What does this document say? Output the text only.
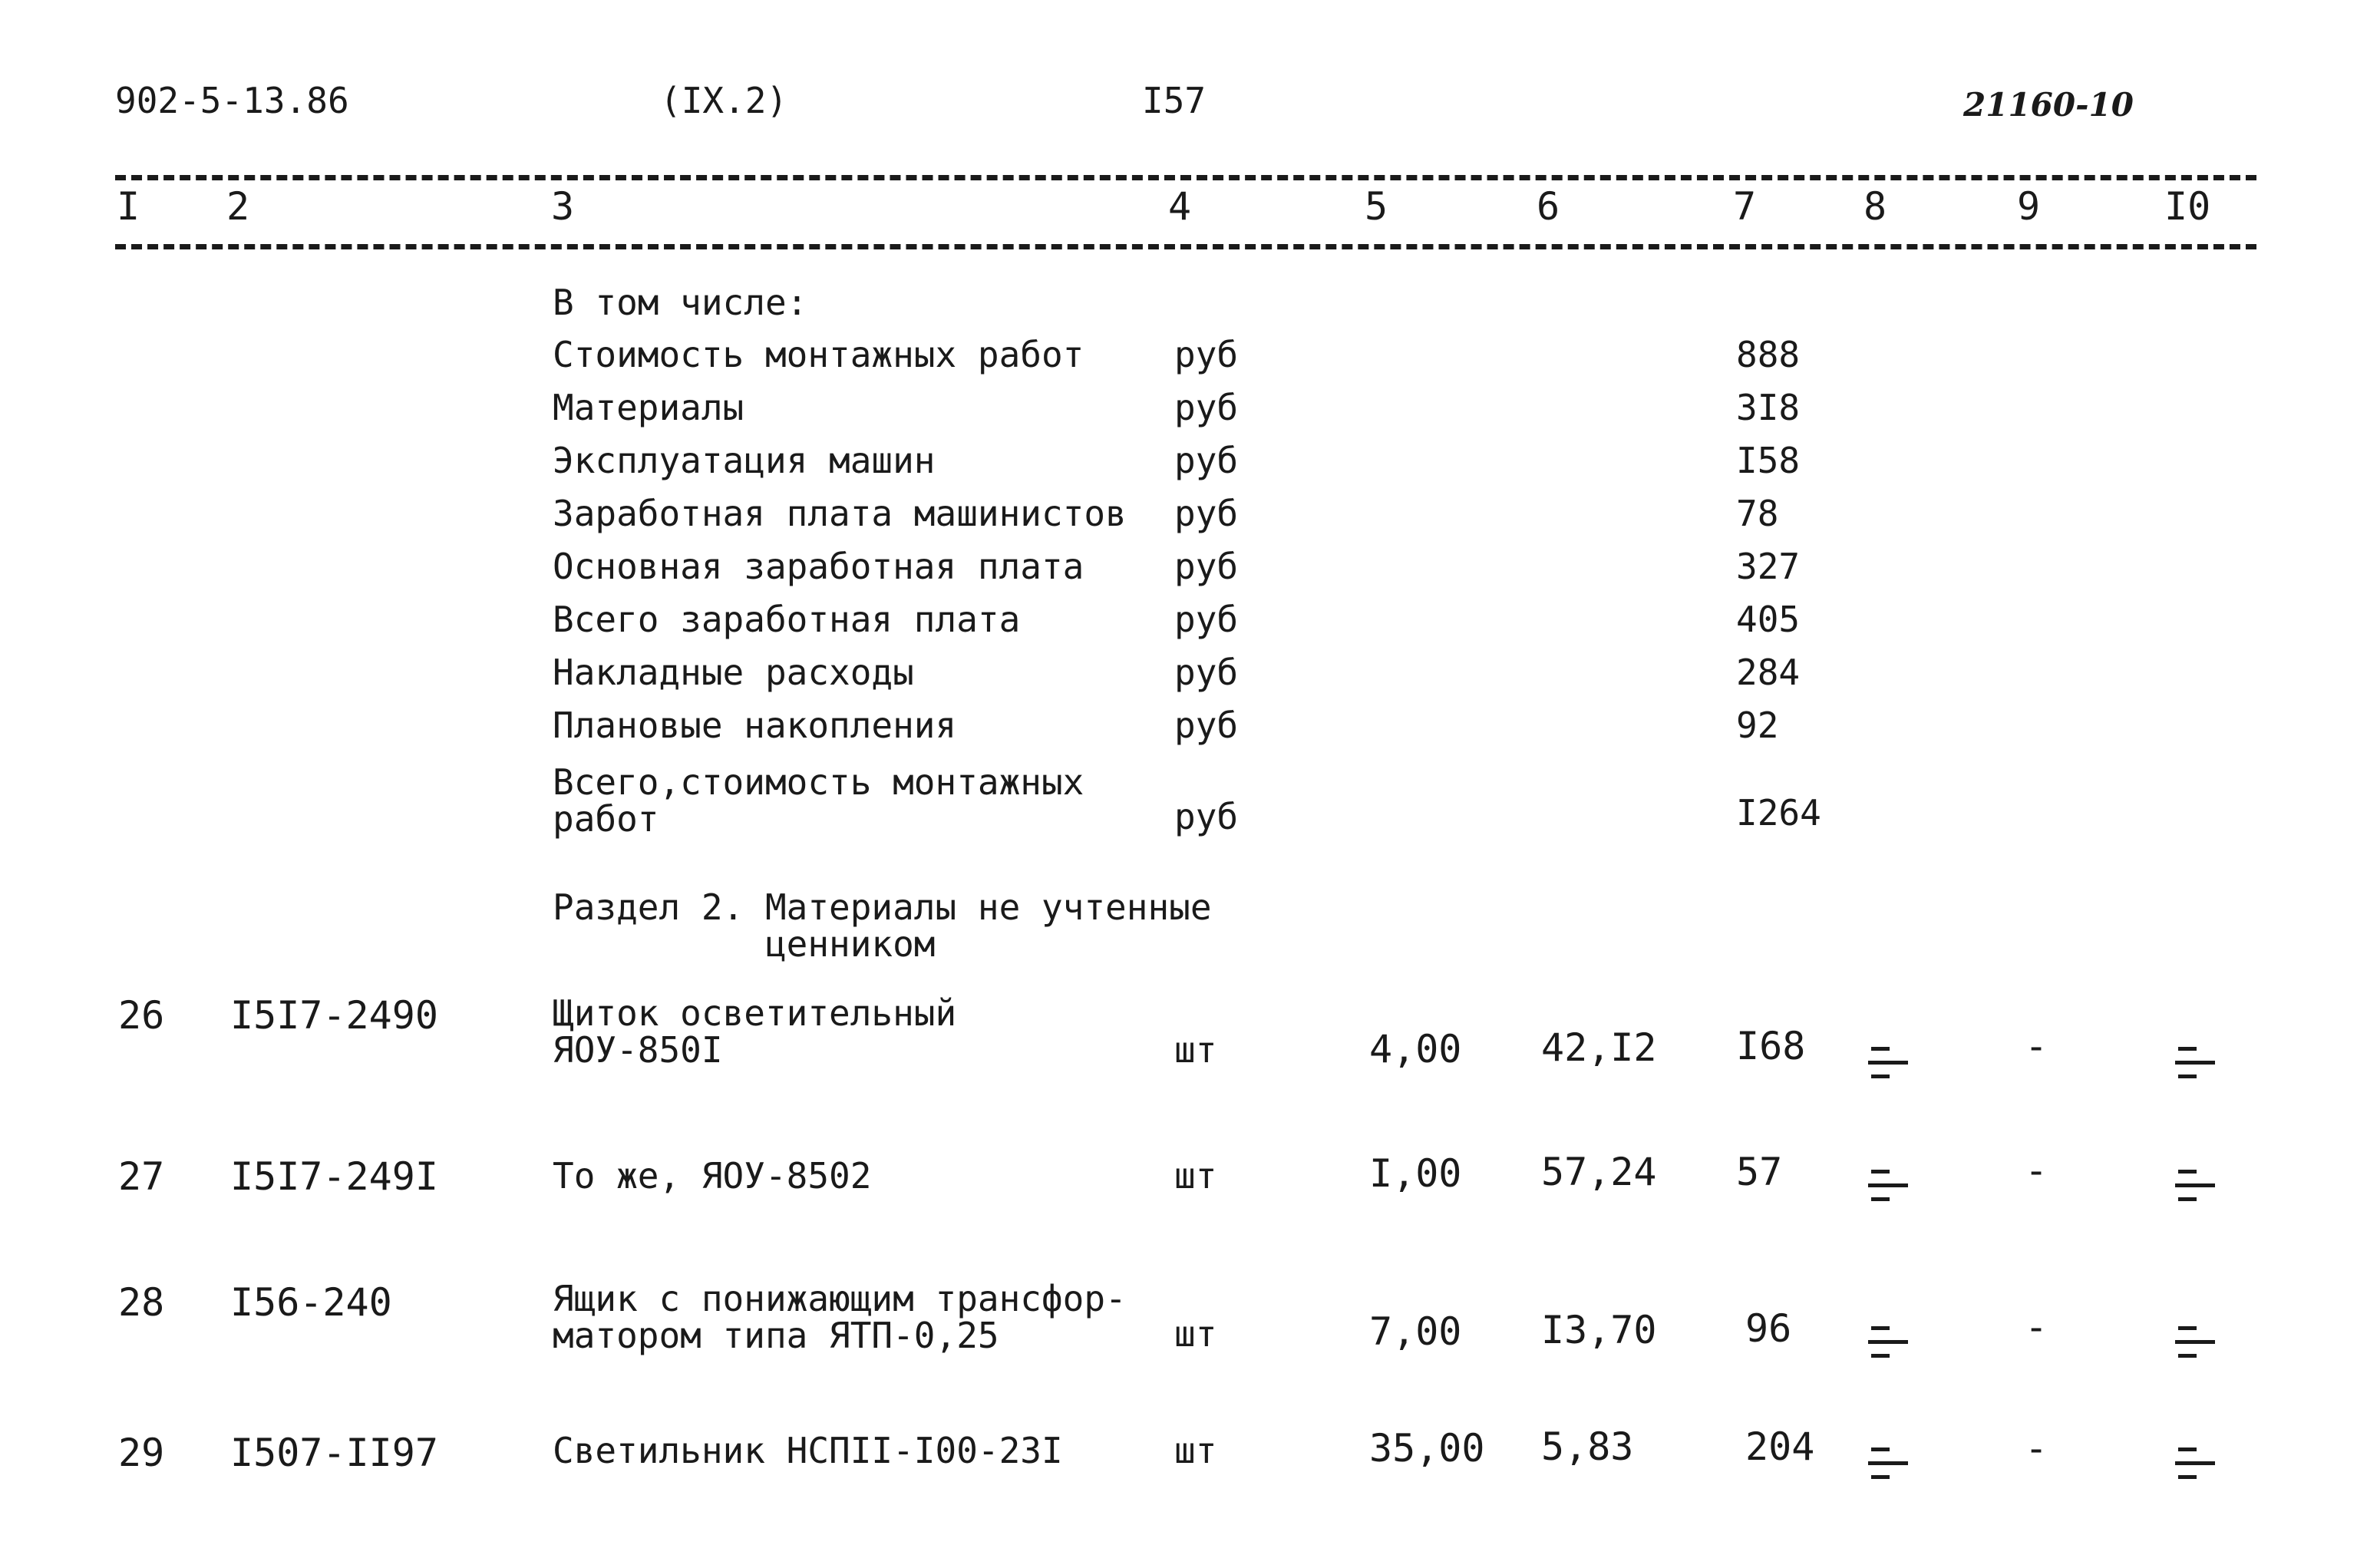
902-5-13.86	(IX.2)	I57	21160-10
I 2	3	4	5	6	7	8	9	I0
В том числе:
Стоимость монтажных работ	руб	888
Материалы	руб	3I8
Эксплуатация машин	руб	I58
Заработная плата машинистов руб	78
Основная заработная плата	руб	327
Всего заработная плата	руб	405
Накладные расходы	руб	284
Плановые накопления	руб	92
Всего,стоимость монтажных
работ	руб	I264
Раздел 2. Материалы не учтенные
ценником
26 I5I7-2490	Щиток осветительный
ЯОУ-850I	шт	4,00 42,I2 I68	-
27 I5I7-249I	То же, ЯОУ-8502	шт	I,00 57,24 57	-
28 I56-240	Ящик с понижающим трансфор-
матором типа ЯТП-0,25	шт	7,00 I3,70 96	-
29 I507-II97	Светильник НСПII-I00-23I	шт	35,00 5,83	204	-
